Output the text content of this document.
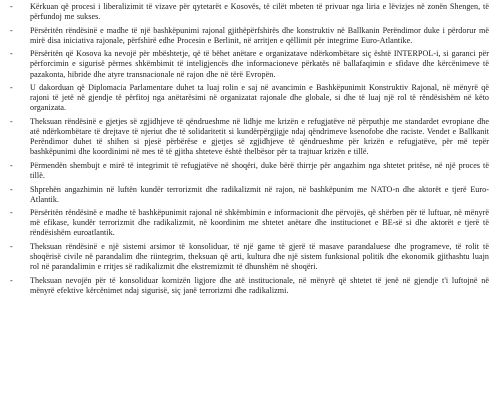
-	Kërkuan që procesi i liberalizimit të vizave për qytetarët e Kosovës, të cilët mbeten të privuar nga liria e lëvizjes në zonën Shengen, të përfundoj me sukses.
-	Përsëritën rëndësinë e madhe të një bashkëpunimi rajonal gjithëpërfshirës dhe konstruktiv në Ballkanin Perëndimor duke i përdorur më mirë disa iniciativa rajonale, përfshirë edhe Procesin e Berlinit, në arritjen e qëllimit për integrime Euro-Atlantike.
-	Përsëritën që Kosova ka nevojë për mbështetje, që të bëhet anëtare e organizatave ndërkombëtare siç është INTERPOL-i, si garanci për përforcimin e sigurisë përmes shkëmbimit të inteligjencës dhe informacioneve përkatës në ballafaqimin e sfidave dhe kërcënimeve të pazakonta, hibride dhe atyre transnacionale në rajon dhe në tërë Evropën.
-	U dakorduan që Diplomacia Parlamentare duhet ta luaj rolin e saj në avancimin e Bashkëpunimit Konstruktiv Rajonal, në mënyrë që rajoni të jetë në gjendje të përfitoj nga anëtarësimi në organizatat rajonale dhe globale, si dhe të luaj një rol të rëndësishëm në këto organizata.
-	Theksuan rëndësinë e gjetjes së zgjidhjeve të qëndrueshme në lidhje me krizën e refugjatëve në përputhje me standardet evropiane dhe atë ndërkombëtare të drejtave të njeriut dhe të solidaritetit si kundërpërgjigje ndaj qëndrimeve ksenofobe dhe raciste. Vendet e Ballkanit Perëndimor duhet të shihen si pjesë përbërëse e gjetjes së zgjidhjeve të qëndrueshme për krizën e refugjatëve, për më tepër bashkëpunimi dhe koordinimi në mes të të gjitha shteteve është thelbësor për ta trajtuar krizën e tillë.
-	Përmendën shembujt e mirë të integrimit të refugjatëve në shoqëri, duke bërë thirrje për angazhim nga shtetet pritëse, në një proces të tillë.
-	Shprehën angazhimin në luftën kundër terrorizmit dhe radikalizmit në rajon, në bashkëpunim me NATO-n dhe aktorët e tjerë Euro-Atlantik.
-	Përsëritën rëndësinë e madhe të bashkëpunimit rajonal në shkëmbimin e informacionit dhe përvojës, që shërben për të luftuar, në mënyrë më efikase, kundër terrorizmit dhe radikalizmit, në koordinim me shtetet anëtare dhe institucionet e BE-së si dhe aktorët e tjerë të rëndësishëm euroatlantik.
-	Theksuan rëndësinë e një sistemi arsimor të konsoliduar, të një game të gjerë të masave parandaluese dhe programeve, të rolit të shoqërisë civile në parandalim dhe riintegrim, theksuan që arti, kultura dhe një sistem funksional politik dhe ekonomik gjithashtu luajn rol në parandalimin e rritjes së radikalizmit dhe ekstremizmit të dhunshëm në shoqëri.
-	Theksuan nevojën për të konsoliduar kornizën ligjore dhe atë institucionale, në mënyrë që shtetet të jenë në gjendje t'i luftojnë në mënyrë efektive kërcënimet ndaj sigurisë, siç janë terrorizmi dhe radikalizmi.
